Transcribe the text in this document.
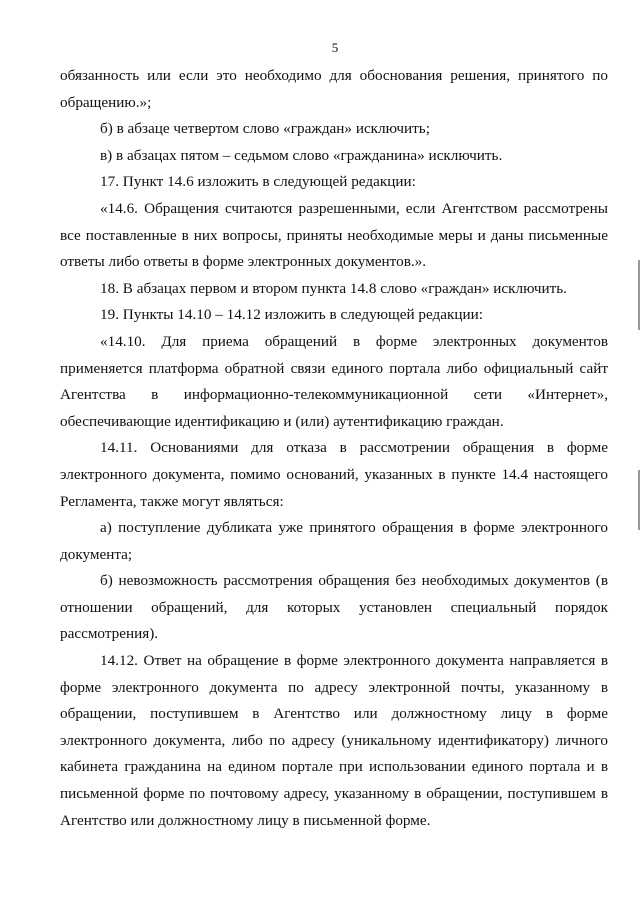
5

обязанность или если это необходимо для обоснования решения, принятого по обращению.»;

б) в абзаце четвертом слово «граждан» исключить;

в) в абзацах пятом – седьмом слово «гражданина» исключить.

17. Пункт 14.6 изложить в следующей редакции:

«14.6. Обращения считаются разрешенными, если Агентством рассмотрены все поставленные в них вопросы, приняты необходимые меры и даны письменные ответы либо ответы в форме электронных документов.».

18. В абзацах первом и втором пункта 14.8 слово «граждан» исключить.

19. Пункты 14.10 – 14.12 изложить в следующей редакции:

«14.10. Для приема обращений в форме электронных документов применяется платформа обратной связи единого портала либо официальный сайт Агентства в информационно-телекоммуникационной сети «Интернет», обеспечивающие идентификацию и (или) аутентификацию граждан.

14.11. Основаниями для отказа в рассмотрении обращения в форме электронного документа, помимо оснований, указанных в пункте 14.4 настоящего Регламента, также могут являться:

а) поступление дубликата уже принятого обращения в форме электронного документа;

б) невозможность рассмотрения обращения без необходимых документов (в отношении обращений, для которых установлен специальный порядок рассмотрения).

14.12. Ответ на обращение в форме электронного документа направляется в форме электронного документа по адресу электронной почты, указанному в обращении, поступившем в Агентство или должностному лицу в форме электронного документа, либо по адресу (уникальному идентификатору) личного кабинета гражданина на едином портале при использовании единого портала и в письменной форме по почтовому адресу, указанному в обращении, поступившем в Агентство или должностному лицу в письменной форме.
